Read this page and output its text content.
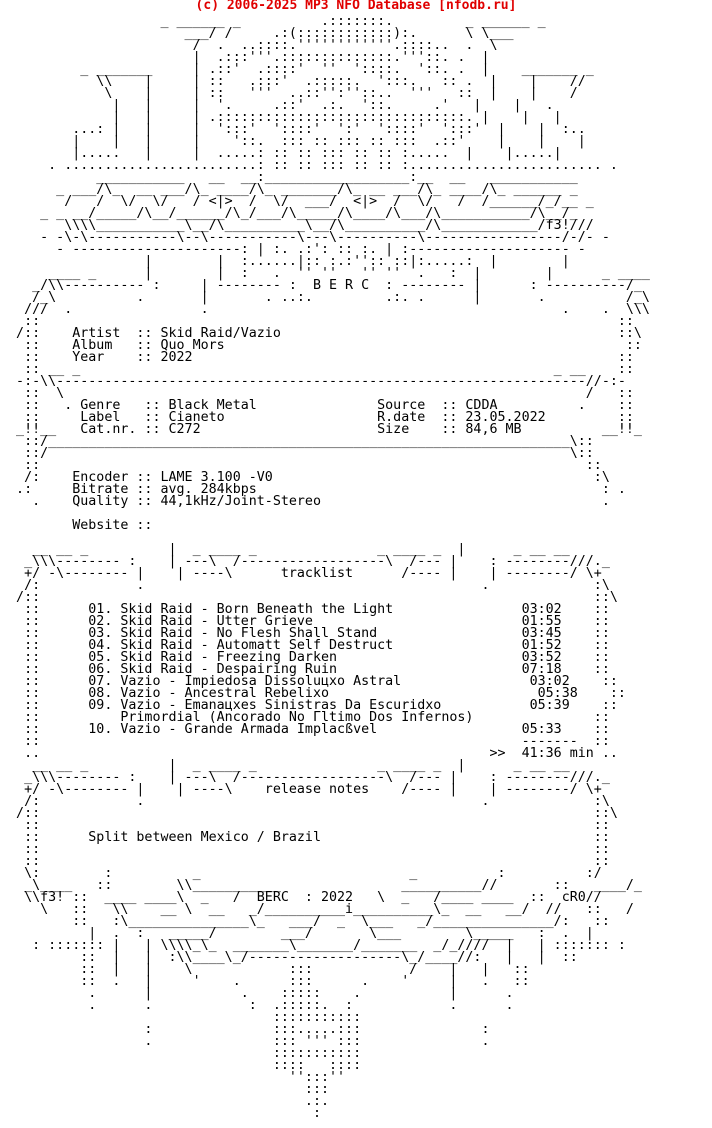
(c) 2006-2025 MP3 NFO Database [nfodb.ru]
_ ______ _          .:::::::.         _ ______ _
___/ /     .:(::::::::::::):.      \ \___
/  .  ..::::.''''''''''''.::::..  .  \
|  .:::'''.::::::::::::::.'''::. .  |
_ _______     | .::'  .::::'  ''  '::::.  '::. .  |    _______ _
\\    |     | ::   .:::'  .:::::.  ':::.   :: .  |    |    //
\    |     | ::   '''  ..::'':''::..  '''   ::  |    |    /
|   |     |  '.     .::'  .:.  '::.     .'   |    |   .
|   |     | .:::::::::::::::::::::::::::::::. |    |   |
...: |   |     |  ':::'  '::::'  ':'  '::::'  ':::'  |    |  :..
|    |   |     |    '::.  ::: :: ::: :: :::  .::'    |    |    |
|.....   |     |  .....: :: :: ::: :: :: :.....  |    |.....|
. ........................: :: :: ::: :: :: :........................ .
___________   __  __:__________________:__  __   ___________
_ ___/\_  __ ___/\_ ____/\_ _______/\_ __ ___/\_ ____/\_ ______ _
/   /  \/  \/   / <|>  /  \/  ___/  <|>  /  \/   /  /______/_/__ _
_ _ __/_____/\__/______/\_/___/\_____/\____/\___/\___________/\__/_
\\\\___________\__/\__________\__/\__________/\____________/f3!///
- -\-\-----------\--\-----------\---\----------\-----------------/-/- -
- ---------------------: | :. .:': :: :. | :-------------------- -
|        |  :......|:: :.:'':: ::|:.....:  |        |
____ _      |        |  :   .  '' ''   '' ''  .   :  |        |      _ ____
_/\\---------- :     | -------- :  B E R C  : -------- |      : ----------/_
/_\          .       |       . ..:.         .:. .      |       .          /_\
///  .                .                                            .    .  \\\
::                                                                        ::
/::    Artist  :: Skid Raid/Vazio                                          ::\
::    Album   :: Quo Mors                                                  ::
::    Year    :: 2022                                                     ::
:: __ _                                                           _ __    ::
-:-\\------------------------------------------------------------------//-:-
::  \                                                                 /   ::
::   . Genre   :: Black Metal               Source  :: CDDA          .    ::
::     Label   :: Cianeto                   R.date  :: 23.05.2022         ::
_!!__   Cat.nr. :: C272                      Size    :: 84,6 MB          __!!_
::/_________________________________________________________________\::
::/                                                                 \::
::                                                                    ::
/:    Encoder :: LAME 3.100 -V0                                        :\
.:     Bitrate :: avg. 284kbps                                           : .
.    Quality :: 44,1kHz/Joint-Stereo                                   .

Website ::

__ __ _          |  _ ____ _               _ ____ _  |      _ __ __
_\\\-------- :    | ---\  /------------------\  /--- |    : --------///._
+/ -\-------- |    | ----\      tracklist      /---- |    | --------/ \+
/:            .                                          .             :\
/::                                                                     ::\
::      01. Skid Raid - Born Beneath the Light                03:02    ::
::      02. Skid Raid - Utter Grieve                          01:55    ::
::      03. Skid Raid - No Flesh Shall Stand                  03:45    ::
::      04. Skid Raid - Automatt Self Destruct                01:52    ::
::      05. Skid Raid - Freezing Darken                       03:52    ::
::      06. Skid Raid - Despairing Ruin                       07:18    ::
::      07. Vazio - Impiedosa Dissoluцхo Astral                03:02    ::
::      08. Vazio - Ancestral Rebeliхo                          05:38    ::
::      09. Vazio - Emanaцхes Sinistras Da Escuridхo           05:39    ::
::          Primordial (Ancorado No Гltimo Dos Infernos)               ::
::      10. Vazio - Grande Armada Implacßvel                  05:33    ::
::                                                            -------  ::
..                                                        >>  41:36 min ..
__ __ _          |  _ ____ _               _ ____ _  |      _ __ __
_\\\-------- :    | ---\  /------------------\  /--- |    : --------///._
+/ -\-------- |    | ----\    release notes    /---- |    | --------/ \+
/:            .                                          .             :\
/::                                                                     ::\
::                                                                     ::
::      Split between Mexico / Brazil                                  ::
::                                                                     ::
::                                                                     ::
\:        :          _                          _          :          :/
_\____   ::        \\___________               __________//       ::   ____/_
\\f3! ::  ____ ____\  _   /  BERC  : 2022   \  _   /____ ____  ::  cR0//
\   ::   \\    __ \  __   _/__________i__________\_  __   __/  //   ::   /
::   :\_______________\_   ___/  _  \___   _/_______________/:   ::
|  .  :   _____/        ___/       \___        \_____   :  .  |
: ::::::: |   | \\\\_\_  _______\_______/_______  _/_////  |   | ::::::: :
::  |   |  :\\____\_/-------------------\_/____//:   |   |  ::
::  |   |    \            :::            /    |   |   ::
::  .   |     '    .      :::      .    '     |   .   ::
.      |           .    :::::    .           |      .
.      .            :  .:::::.  :            .      .
:::::::::::
:               :::.....:::               :
.               ::: ''' :::               .
:::::::::::
::::   ::::
'':::''
:::
.:.
:
